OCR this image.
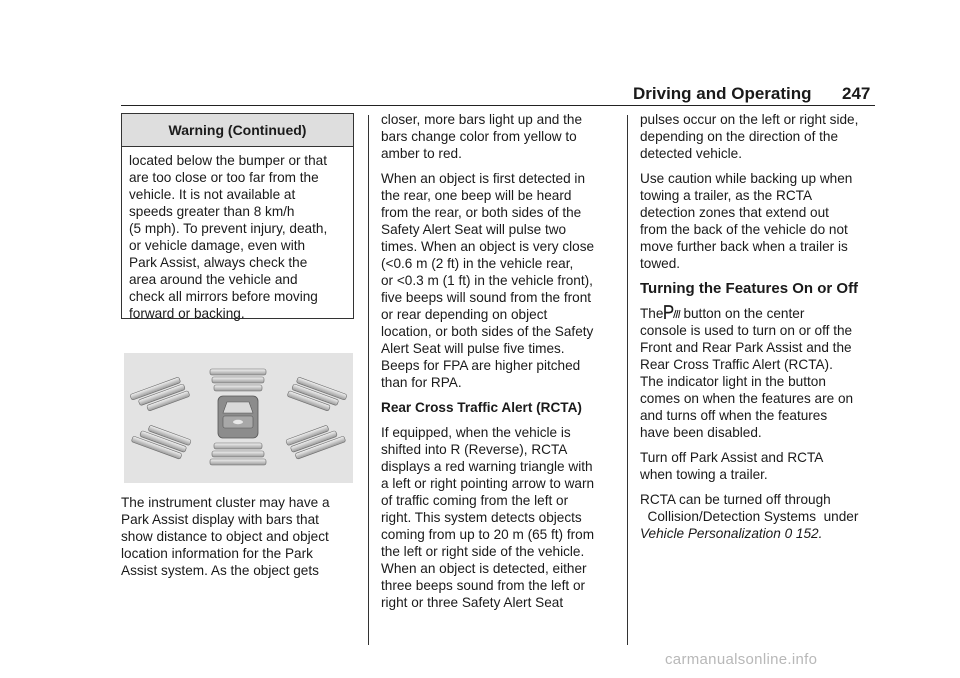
Driving and Operating 247
Warning (Continued)
located below the bumper or that
are too close or too far from the
vehicle. It is not available at
speeds greater than 8 km/h
(5 mph). To prevent injury, death,
or vehicle damage, even with
Park Assist, always check the
area around the vehicle and
check all mirrors before moving
forward or backing.
The instrument cluster may have a
Park Assist display with bars that
show distance to object and object
location information for the Park
Assist system. As the object gets

closer, more bars light up and the
bars change color from yellow to
amber to red.

When an object is first detected in
the rear, one beep will be heard
from the rear, or both sides of the
Safety Alert Seat will pulse two
times. When an object is very close
(<0.6 m (2 ft) in the vehicle rear,
or <0.3 m (1 ft) in the vehicle front),
five beeps will sound from the front
or rear depending on object
location, or both sides of the Safety
Alert Seat will pulse five times.
Beeps for FPA are higher pitched
than for RPA.

Rear Cross Traffic Alert (RCTA)

If equipped, when the vehicle is
shifted into R (Reverse), RCTA
displays a red warning triangle with
a left or right pointing arrow to warn
of traffic coming from the left or
right. This system detects objects
coming from up to 20 m (65 ft) from
the left or right side of the vehicle.
When an object is detected, either
three beeps sound from the left or
right or three Safety Alert Seat

pulses occur on the left or right side,
depending on the direction of the
detected vehicle.

Use caution while backing up when
towing a trailer, as the RCTA
detection zones that extend out
from the back of the vehicle do not
move further back when a trailer is
towed.

Turning the Features On or Off

The button on the center
console is used to turn on or off the
Front and Rear Park Assist and the
Rear Cross Traffic Alert (RCTA).
The indicator light in the button
comes on when the features are on
and turns off when the features
have been disabled.

Turn off Park Assist and RCTA
when towing a trailer.

RCTA can be turned off through
Collision/Detection Systems  under
Vehicle Personalization 0 152.

carmanualsonline.info
